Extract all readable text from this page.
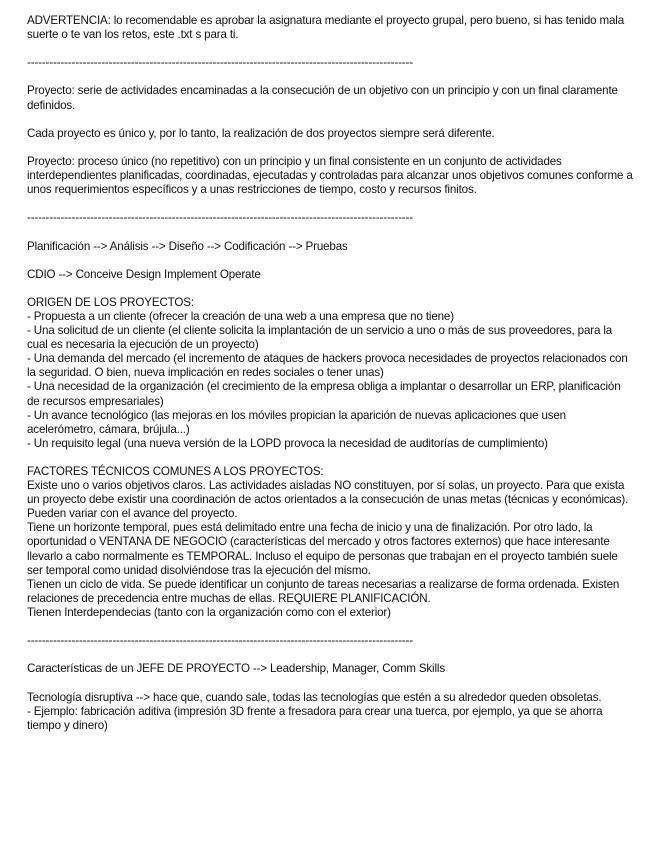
ADVERTENCIA: lo recomendable es aprobar la asignatura mediante el proyecto grupal, pero bueno, si has tenido mala suerte o te van los retos, este .txt s para ti.

--------------------------------------------------------------------------------------------------------

Proyecto: serie de actividades encaminadas a la consecución de un objetivo con un principio y con un final claramente definidos.

Cada proyecto es único y, por lo tanto, la realización de dos proyectos siempre será diferente.

Proyecto: proceso único (no repetitivo) con un principio y un final consistente en un conjunto de actividades interdependientes planificadas, coordinadas, ejecutadas y controladas para alcanzar unos objetivos comunes conforme a unos requerimientos específicos y a unas restricciones de tiempo, costo y recursos finitos.

--------------------------------------------------------------------------------------------------------

Planificación --> Análisis --> Diseño --> Codificación --> Pruebas

CDIO --> Conceive Design Implement Operate

ORIGEN DE LOS PROYECTOS:

- Propuesta a un cliente (ofrecer la creación de una web a una empresa que no tiene)

- Una solicitud de un cliente (el cliente solicita la implantación de un servicio a uno o más de sus proveedores, para la cual es necesaria la ejecución de un proyecto)

- Una demanda del mercado (el incremento de ataques de hackers provoca necesidades de proyectos relacionados con la seguridad. O bien, nueva implicación en redes sociales o tener unas)

- Una necesidad de la organización (el crecimiento de la empresa obliga a implantar o desarrollar un ERP, planificación de recursos empresariales)

- Un avance tecnológico (las mejoras en los móviles propician la aparición de nuevas aplicaciones que usen acelerómetro, cámara, brújula...)

- Un requisito legal (una nueva versión de la LOPD provoca la necesidad de auditorías de cumplimiento)

FACTORES TÉCNICOS COMUNES A LOS PROYECTOS:

Existe uno o varios objetivos claros. Las actividades aisladas NO constituyen, por sí solas, un proyecto. Para que exista un proyecto debe existir una coordinación de actos orientados a la consecución de unas metas (técnicas y económicas). Pueden variar con el avance del proyecto.

Tiene un horizonte temporal, pues está delimitado entre una fecha de inicio y una de finalización. Por otro lado, la oportunidad o VENTANA DE NEGOCIO (características del mercado y otros factores externos) que hace interesante llevarlo a cabo normalmente es TEMPORAL. Incluso el equipo de personas que trabajan en el proyecto también suele ser temporal como unidad disolviéndose tras la ejecución del mismo.

Tienen un ciclo de vida. Se puede identificar un conjunto de tareas necesarias a realizarse de forma ordenada. Existen relaciones de precedencia entre muchas de ellas. REQUIERE PLANIFICACIÓN.

Tienen Interdependecias (tanto con la organización como con el exterior)

--------------------------------------------------------------------------------------------------------

Características de un JEFE DE PROYECTO --> Leadership, Manager, Comm Skills

Tecnología disruptiva --> hace que, cuando sale, todas las tecnologías que estén a su alrededor queden obsoletas.

- Ejemplo: fabricación aditiva (impresión 3D frente a fresadora para crear una tuerca, por ejemplo, ya que se ahorra tiempo y dinero)
